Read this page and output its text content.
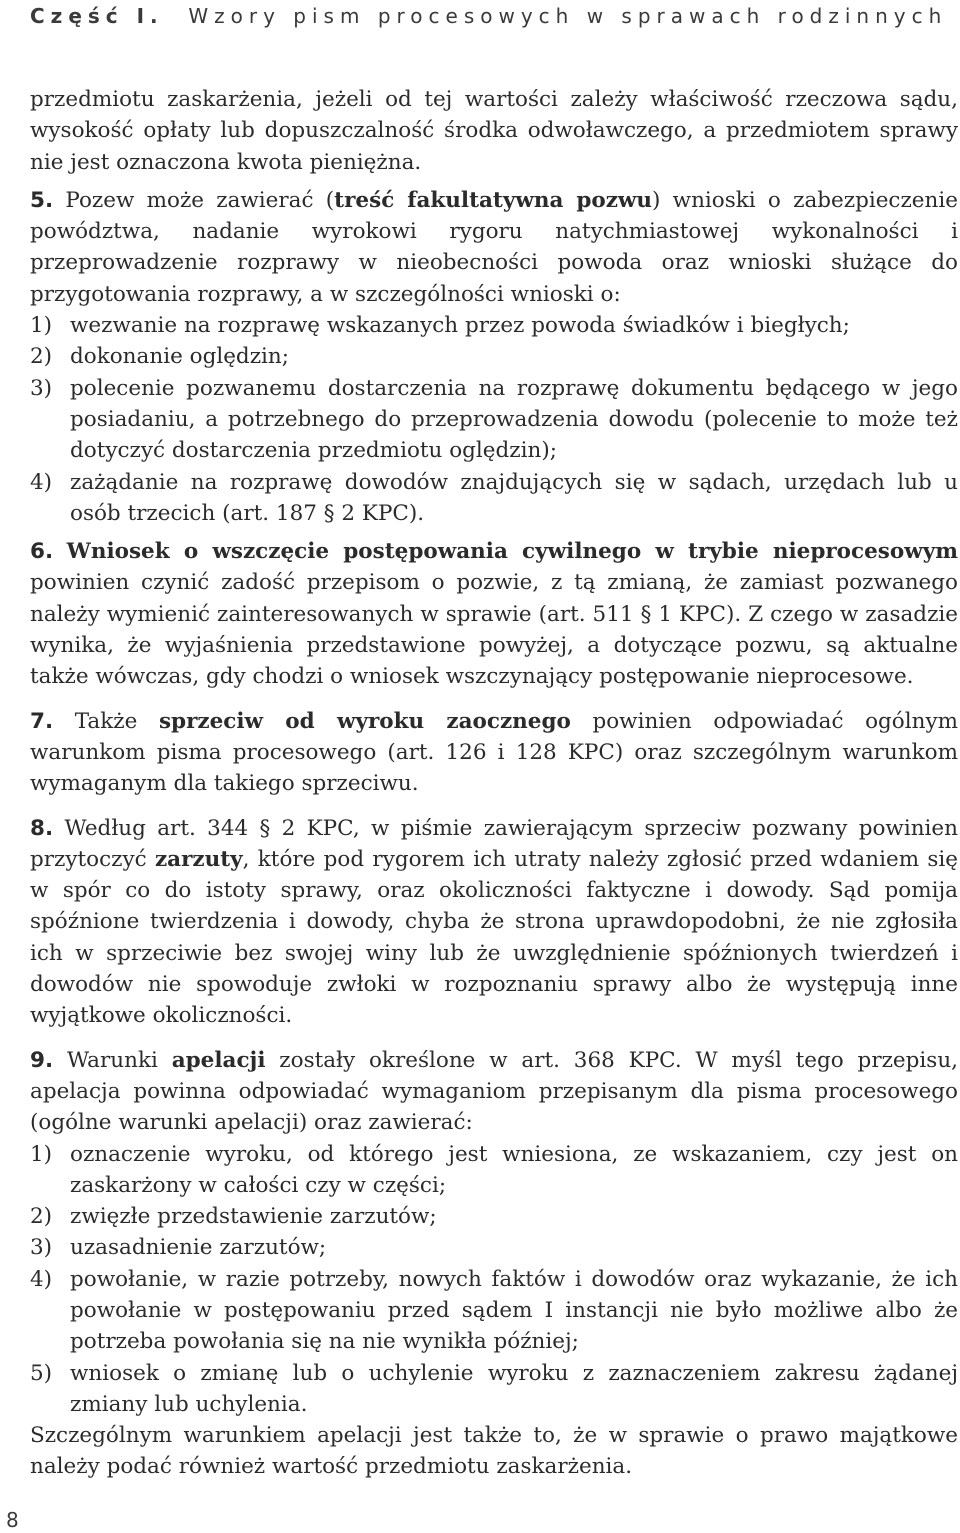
Część I. Wzory pism procesowych w sprawach rodzinnych

przedmiotu zaskarżenia, jeżeli od tej wartości zależy właściwość rzeczowa sądu, wysokość opłaty lub dopuszczalność środka odwoławczego, a przedmiotem sprawy nie jest oznaczona kwota pieniężna.

5. Pozew może zawierać (treść fakultatywna pozwu) wnioski o zabezpieczenie powództwa, nadanie wyrokowi rygoru natychmiastowej wykonalności i przeprowadzenie rozprawy w nieobecności powoda oraz wnioski służące do przygotowania rozprawy, a w szczególności wnioski o:

1) wezwanie na rozprawę wskazanych przez powoda świadków i biegłych;
2) dokonanie oględzin;
3) polecenie pozwanemu dostarczenia na rozprawę dokumentu będącego w jego posiadaniu, a potrzebnego do przeprowadzenia dowodu (polecenie to może też dotyczyć dostarczenia przedmiotu oględzin);
4) zażądanie na rozprawę dowodów znajdujących się w sądach, urzędach lub u osób trzecich (art. 187 § 2 KPC).

6. Wniosek o wszczęcie postępowania cywilnego w trybie nieprocesowym powinien czynić zadość przepisom o pozwie, z tą zmianą, że zamiast pozwanego należy wymienić zainteresowanych w sprawie (art. 511 § 1 KPC). Z czego w zasadzie wynika, że wyjaśnienia przedstawione powyżej, a dotyczące pozwu, są aktualne także wówczas, gdy chodzi o wniosek wszczynający postępowanie nieprocesowe.

7. Także sprzeciw od wyroku zaocznego powinien odpowiadać ogólnym warunkom pisma procesowego (art. 126 i 128 KPC) oraz szczególnym warunkom wymaganym dla takiego sprzeciwu.

8. Według art. 344 § 2 KPC, w piśmie zawierającym sprzeciw pozwany powinien przytoczyć zarzuty, które pod rygorem ich utraty należy zgłosić przed wdaniem się w spór co do istoty sprawy, oraz okoliczności faktyczne i dowody. Sąd pomija spóźnione twierdzenia i dowody, chyba że strona uprawdopodobni, że nie zgłosiła ich w sprzeciwie bez swojej winy lub że uwzględnienie spóźnionych twierdzeń i dowodów nie spowoduje zwłoki w rozpoznaniu sprawy albo że występują inne wyjątkowe okoliczności.

9. Warunki apelacji zostały określone w art. 368 KPC. W myśl tego przepisu, apelacja powinna odpowiadać wymaganiom przepisanym dla pisma procesowego (ogólne warunki apelacji) oraz zawierać:

1) oznaczenie wyroku, od którego jest wniesiona, ze wskazaniem, czy jest on zaskarżony w całości czy w części;
2) zwięzłe przedstawienie zarzutów;
3) uzasadnienie zarzutów;
4) powołanie, w razie potrzeby, nowych faktów i dowodów oraz wykazanie, że ich powołanie w postępowaniu przed sądem I instancji nie było możliwe albo że potrzeba powołania się na nie wynikła później;
5) wniosek o zmianę lub o uchylenie wyroku z zaznaczeniem zakresu żądanej zmiany lub uchylenia.

Szczególnym warunkiem apelacji jest także to, że w sprawie o prawo majątkowe należy podać również wartość przedmiotu zaskarżenia.

8
